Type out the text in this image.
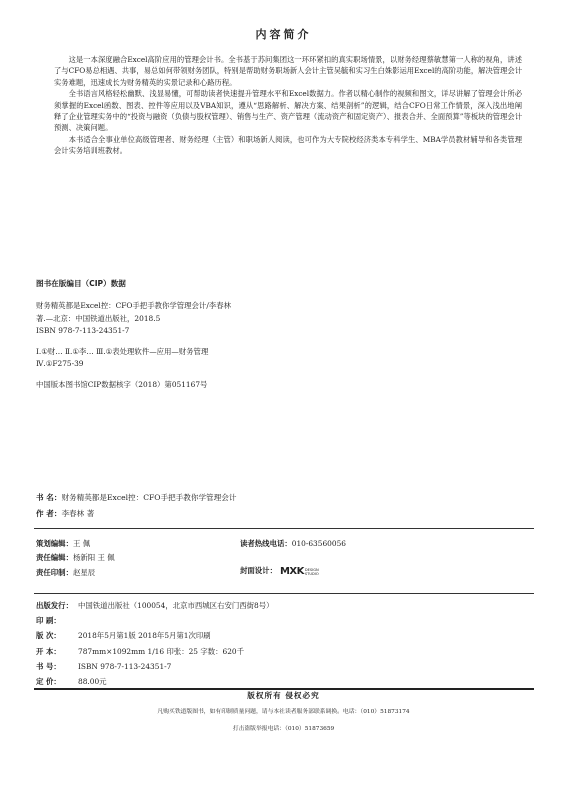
内容简介

这是一本深度融合Excel高阶应用的管理会计书。全书基于苏问集团这一环环紧扣的真实职场情景，以财务经理蔡敏慧第一人称的视角，讲述了与CFO易总相遇、共事，易总如何带领财务团队，特别是帮助财务职场新人会计主管吴毓和实习生白姝影运用Excel的高阶功能，解决管理会计实务难题，迅速成长为财务精英的实景记录和心路历程。

全书语言风格轻松幽默、浅显易懂，可帮助读者快速提升管理水平和Excel数据力。作者以精心制作的视频和图文，详尽讲解了管理会计所必须掌握的Excel函数、图表、控件等应用以及VBA知识，遵从“思路解析、解决方案、结果剖析”的逻辑，结合CFO日常工作情景，深入浅出地阐释了企业管理实务中的“投资与融资（负债与股权管理）、销售与生产、资产管理（流动资产和固定资产）、报表合并、全面预算”等板块的管理会计预测、决策问题。

本书适合全事业单位高级管理者、财务经理（主管）和职场新人阅读，也可作为大专院校经济类本专科学生、MBA学员教材辅导和各类管理会计实务培训班教材。

图书在版编目（CIP）数据
财务精英都是Excel控：CFO手把手教你学管理会计/李春林
著.—北京：中国铁道出版社，2018.5
ISBN 978-7-113-24351-7
Ⅰ.①财… Ⅱ.①李… Ⅲ.①表处理软件—应用—财务管理
Ⅳ.①F275-39
中国版本图书馆CIP数据核字（2018）第051167号
书 名：财务精英都是Excel控：CFO手把手教你学管理会计
作 者：李春林 著
策划编辑：王 佩	读者热线电话：010-63560056
责任编辑：杨新阳 王 佩
责任印制：赵星辰	封面设计： MXKDESIGN
STUDIO
出版发行： 中国铁道出版社（100054，北京市西城区右安门西街8号）
印 刷：
版 次： 2018年5月第1版 2018年5月第1次印刷
开 本： 787mm×1092mm 1/16 印张：25 字数：620千
书 号： ISBN 978-7-113-24351-7
定 价： 88.00元
版权所有 侵权必究
凡购买铁道版图书，如有印制质量问题，请与本社读者服务部联系调换。电话：（010）51873174
打击盗版举报电话：（010）51873659
